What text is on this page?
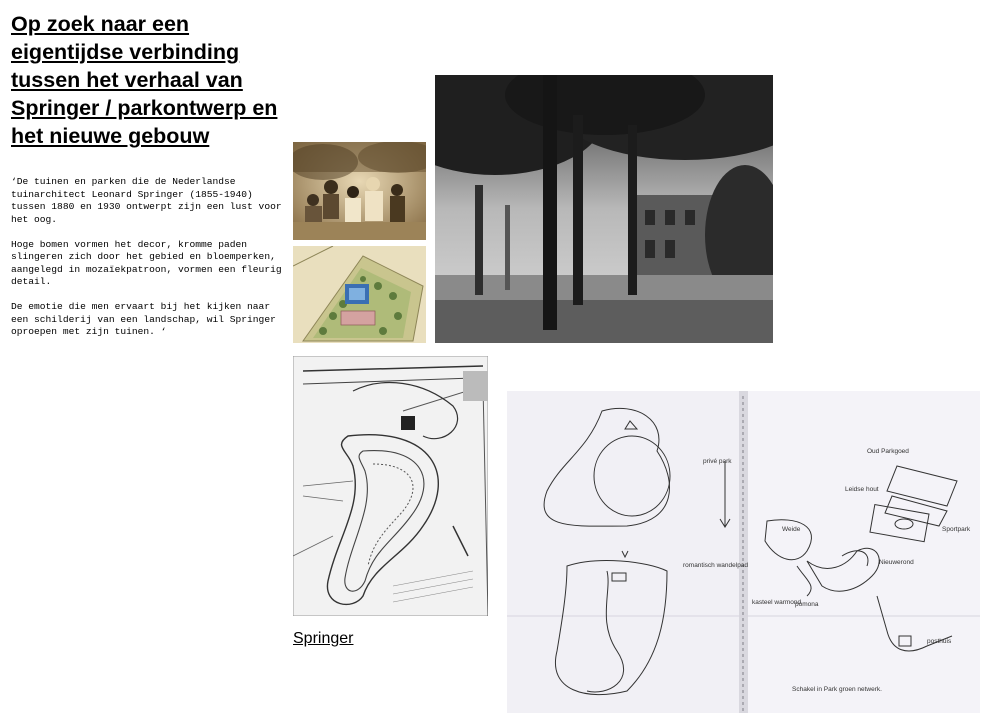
Op zoek naar een eigentijdse verbinding tussen het verhaal van Springer / parkontwerp en het nieuwe gebouw

‘De tuinen en parken die de Nederlandse tuinarchitect Leonard Springer (1855-1940) tussen 1880 en 1930 ontwerpt zijn een lust voor het oog.

Hoge bomen vormen het decor, kromme paden slingeren zich door het gebied en bloemperken, aangelegd in mozaïekpatroon, vormen een fleurig detail.

De emotie die men ervaart bij het kijken naar een schilderij van een landschap, wil Springer oproepen met zijn tuinen. ‘

Springer
privé park
romantisch wandelpad
Oud Parkgoed
Leidse hout
Sportpark
Weide
Nieuwerond
kasteel warmond
pomona
posthuis
Schakel in Park groen netwerk.
